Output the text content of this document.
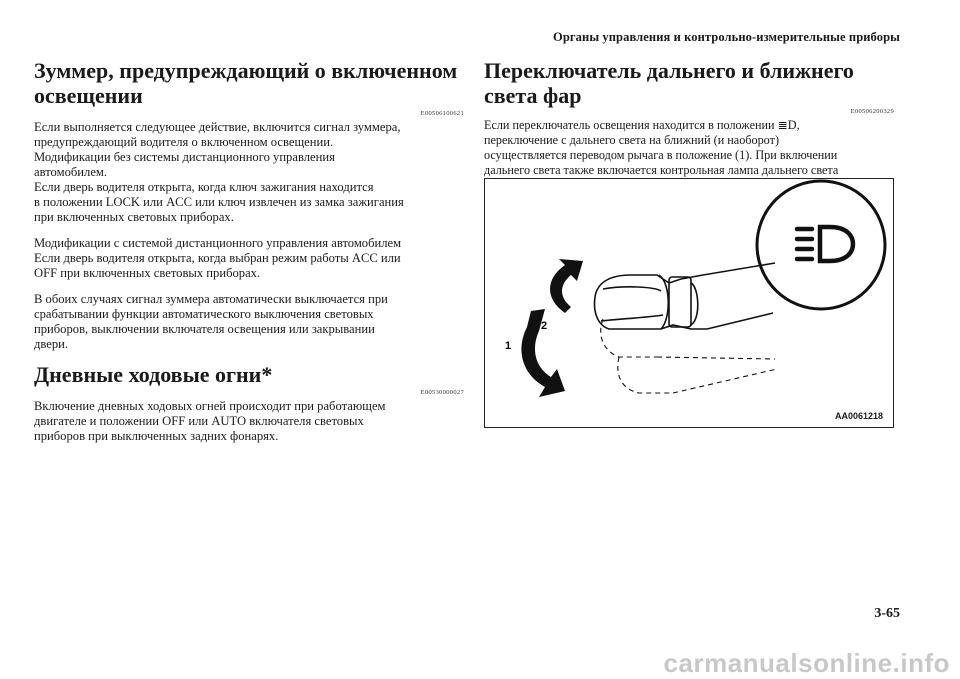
Органы управления и контрольно-измерительные приборы
Зуммер, предупреждающий о включенном
освещении
E00506100621

Если выполняется следующее действие, включится сигнал зуммера,
предупреждающий водителя о включенном освещении.
Модификации без системы дистанционного управления
автомобилем.
Если дверь водителя открыта, когда ключ зажигания находится
в положении LOCK или ACC или ключ извлечен из замка зажигания
при включенных световых приборах.

Модификации с системой дистанционного управления автомобилем
Если дверь водителя открыта, когда выбран режим работы ACC или
OFF при включенных световых приборах.

В обоих случаях сигнал зуммера автоматически выключается при
срабатывании функции автоматического выключения световых
приборов, выключении включателя освещения или закрывании
двери.

Дневные ходовые огни*
E00530000027

Включение дневных ходовых огней происходит при работающем
двигателе и положении OFF или AUTO включателя световых
приборов при выключенных задних фонарях.

Переключатель дальнего и ближнего света фар
E00506200329

Если переключатель освещения находится в положении ≣D,
переключение с дальнего света на ближний (и наоборот)
осуществляется переводом рычага в положение (1). При включении
дальнего света также включается контрольная лампа дальнего света

2
1
AA0061218
3-65
carmanualsonline.info
